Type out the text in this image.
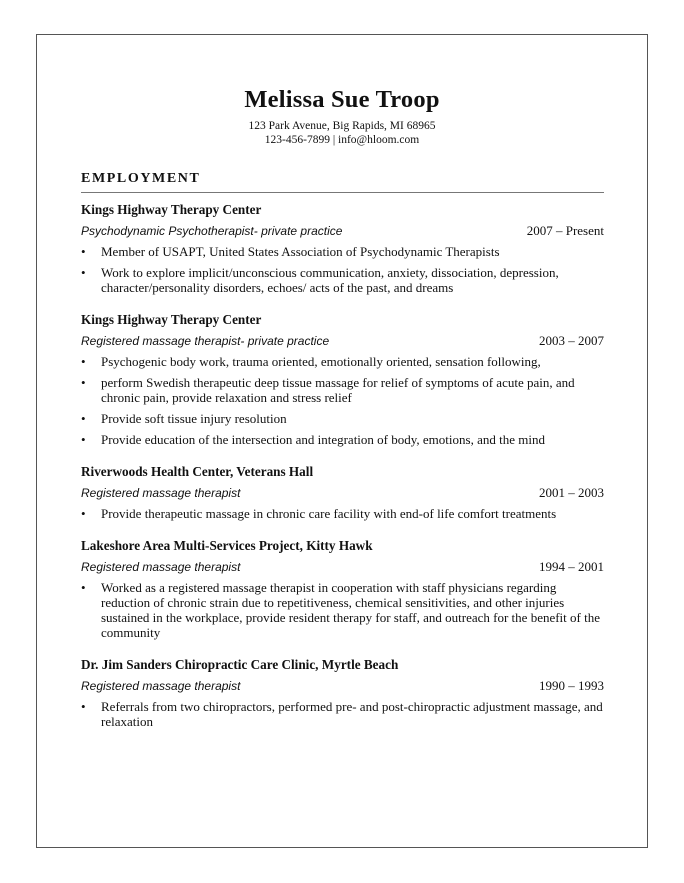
Melissa Sue Troop
123 Park Avenue, Big Rapids, MI 68965
123-456-7899 | info@hloom.com
EMPLOYMENT
Kings Highway Therapy Center
Psychodynamic Psychotherapist- private practice	2007 – Present
•	Member of USAPT, United States Association of Psychodynamic Therapists
•	Work to explore implicit/unconscious communication, anxiety, dissociation, depression, character/personality disorders, echoes/ acts of the past, and dreams
Kings Highway Therapy Center
Registered massage therapist- private practice	2003 – 2007
•	Psychogenic body work, trauma oriented, emotionally oriented, sensation following,
•	perform Swedish therapeutic deep tissue massage for relief of symptoms of acute pain, and chronic pain, provide relaxation and stress relief
•	Provide soft tissue injury resolution
•	Provide education of the intersection and integration of body, emotions, and the mind
Riverwoods Health Center, Veterans Hall
Registered massage therapist	2001 – 2003
•	Provide therapeutic massage in chronic care facility with end-of life comfort treatments
Lakeshore Area Multi-Services Project, Kitty Hawk
Registered massage therapist	1994 – 2001
•	Worked as a registered massage therapist in cooperation with staff physicians regarding reduction of chronic strain due to repetitiveness, chemical sensitivities, and other injuries sustained in the workplace, provide resident therapy for staff, and outreach for the benefit of the community
Dr. Jim Sanders Chiropractic Care Clinic, Myrtle Beach
Registered massage therapist	1990 – 1993
•	Referrals from two chiropractors, performed pre- and post-chiropractic adjustment massage, and relaxation
